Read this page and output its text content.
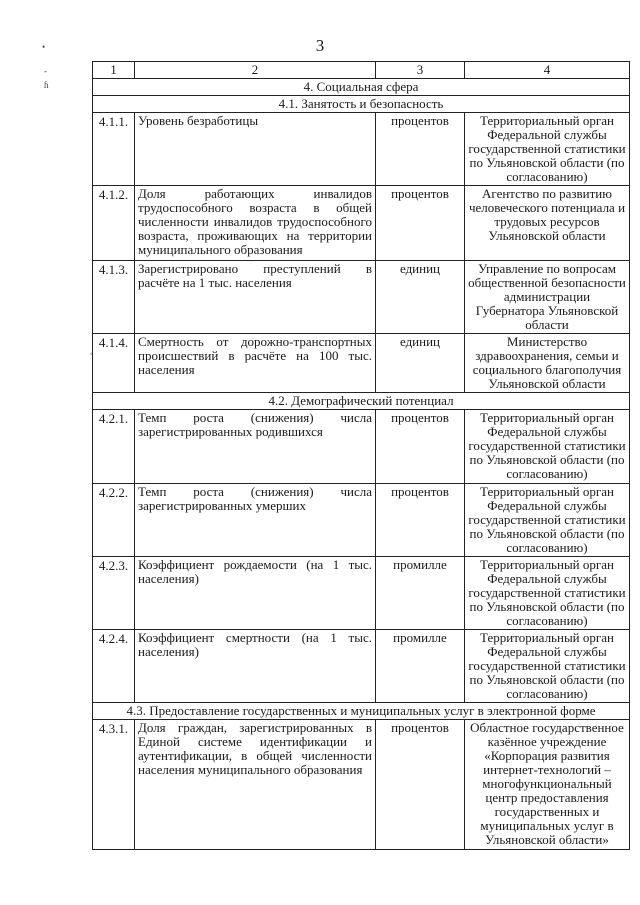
3
•
-
ɦ
◦
1	2	3	4
4. Социальная сфера			
4.1. Занятость и безопасность			
4.1.1.	Уровень безработицы	процентов	Территориальный орган Федеральной службы государственной статистики по Ульяновской области (по согласованию)
4.1.2.	Доля работающих инвалидов трудоспособного возраста в общей численности инвалидов трудоспособного возраста, проживающих на территории муниципального образования	процентов	Агентство по развитию человеческого потенциала и трудовых ресурсов Ульяновской области
4.1.3.	Зарегистрировано преступлений в расчёте на 1 тыс. населения	единиц	Управление по вопросам общественной безопасности администрации Губернатора Ульяновской области
4.1.4.	Смертность от дорожно-транспортных происшествий в расчёте на 100 тыс. населения	единиц	Министерство здравоохранения, семьи и социального благополучия Ульяновской области
4.2. Демографический потенциал			
4.2.1.	Темп роста (снижения) числа зарегистрированных родившихся	процентов	Территориальный орган Федеральной службы государственной статистики по Ульяновской области (по согласованию)
4.2.2.	Темп роста (снижения) числа зарегистрированных умерших	процентов	Территориальный орган Федеральной службы государственной статистики по Ульяновской области (по согласованию)
4.2.3.	Коэффициент рождаемости (на 1 тыс. населения)	промилле	Территориальный орган Федеральной службы государственной статистики по Ульяновской области (по согласованию)
4.2.4.	Коэффициент смертности (на 1 тыс. населения)	промилле	Территориальный орган Федеральной службы государственной статистики по Ульяновской области (по согласованию)
4.3. Предоставление государственных и муниципальных услуг в электронной форме			
4.3.1.	Доля граждан, зарегистрированных в Единой системе идентификации и аутентификации, в общей численности населения муниципального образования	процентов	Областное государственное казённое учреждение «Корпорация развития интернет-технологий – многофункциональный центр предоставления государственных и муниципальных услуг в Ульяновской области»
